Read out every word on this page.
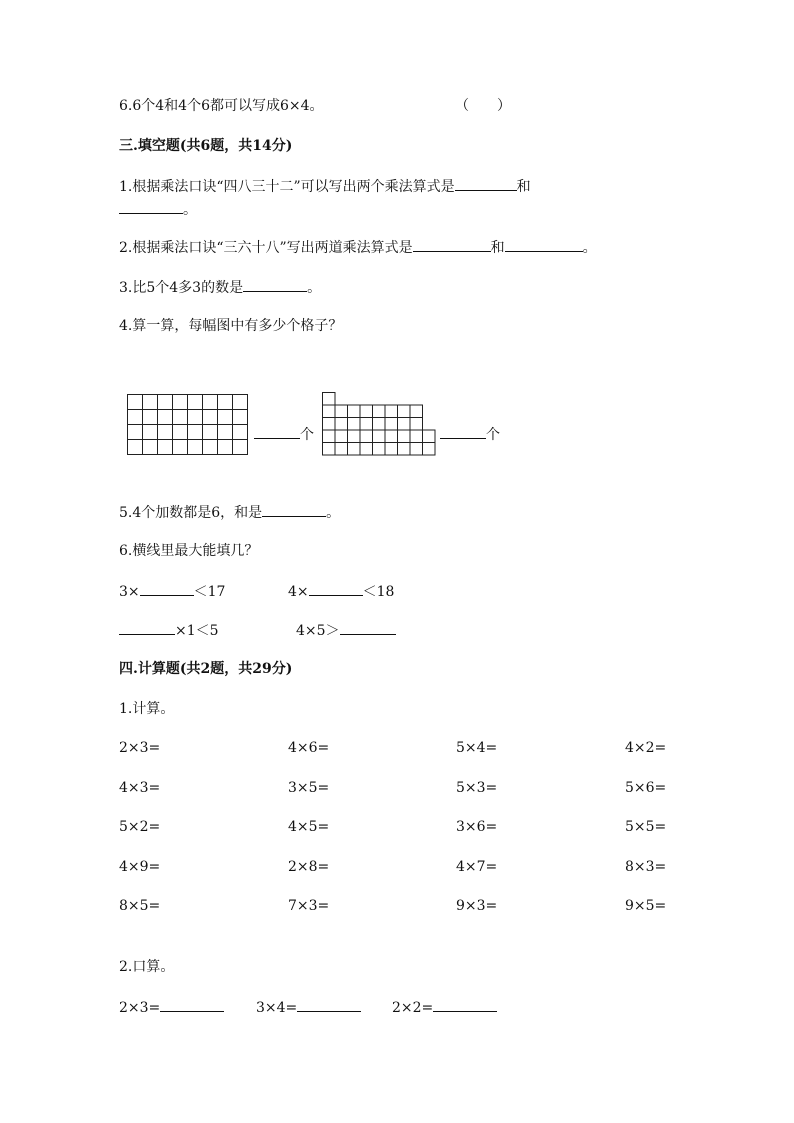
6.6个4和4个6都可以写成6×4。	（　　）
三.填空题(共6题，共14分)
1.根据乘法口诀“四八三十二”可以写出两个乘法算式是	和
。
2.根据乘法口诀“三六十八”写出两道乘法算式是	和	。
3.比5个4多3的数是	。
4.算一算，每幅图中有多少个格子？
个	个
5.4个加数都是6，和是	。
6.横线里最大能填几？
3×	＜17	4×	＜18
×1＜5	4×5＞
四.计算题(共2题，共29分)
1.计算。
2×3=	4×6=	5×4=	4×2=
4×3=	3×5=	5×3=	5×6=
5×2=	4×5=	3×6=	5×5=
4×9=	2×8=	4×7=	8×3=
8×5=	7×3=	9×3=	9×5=
2.口算。
2×3=	3×4=	2×2=
